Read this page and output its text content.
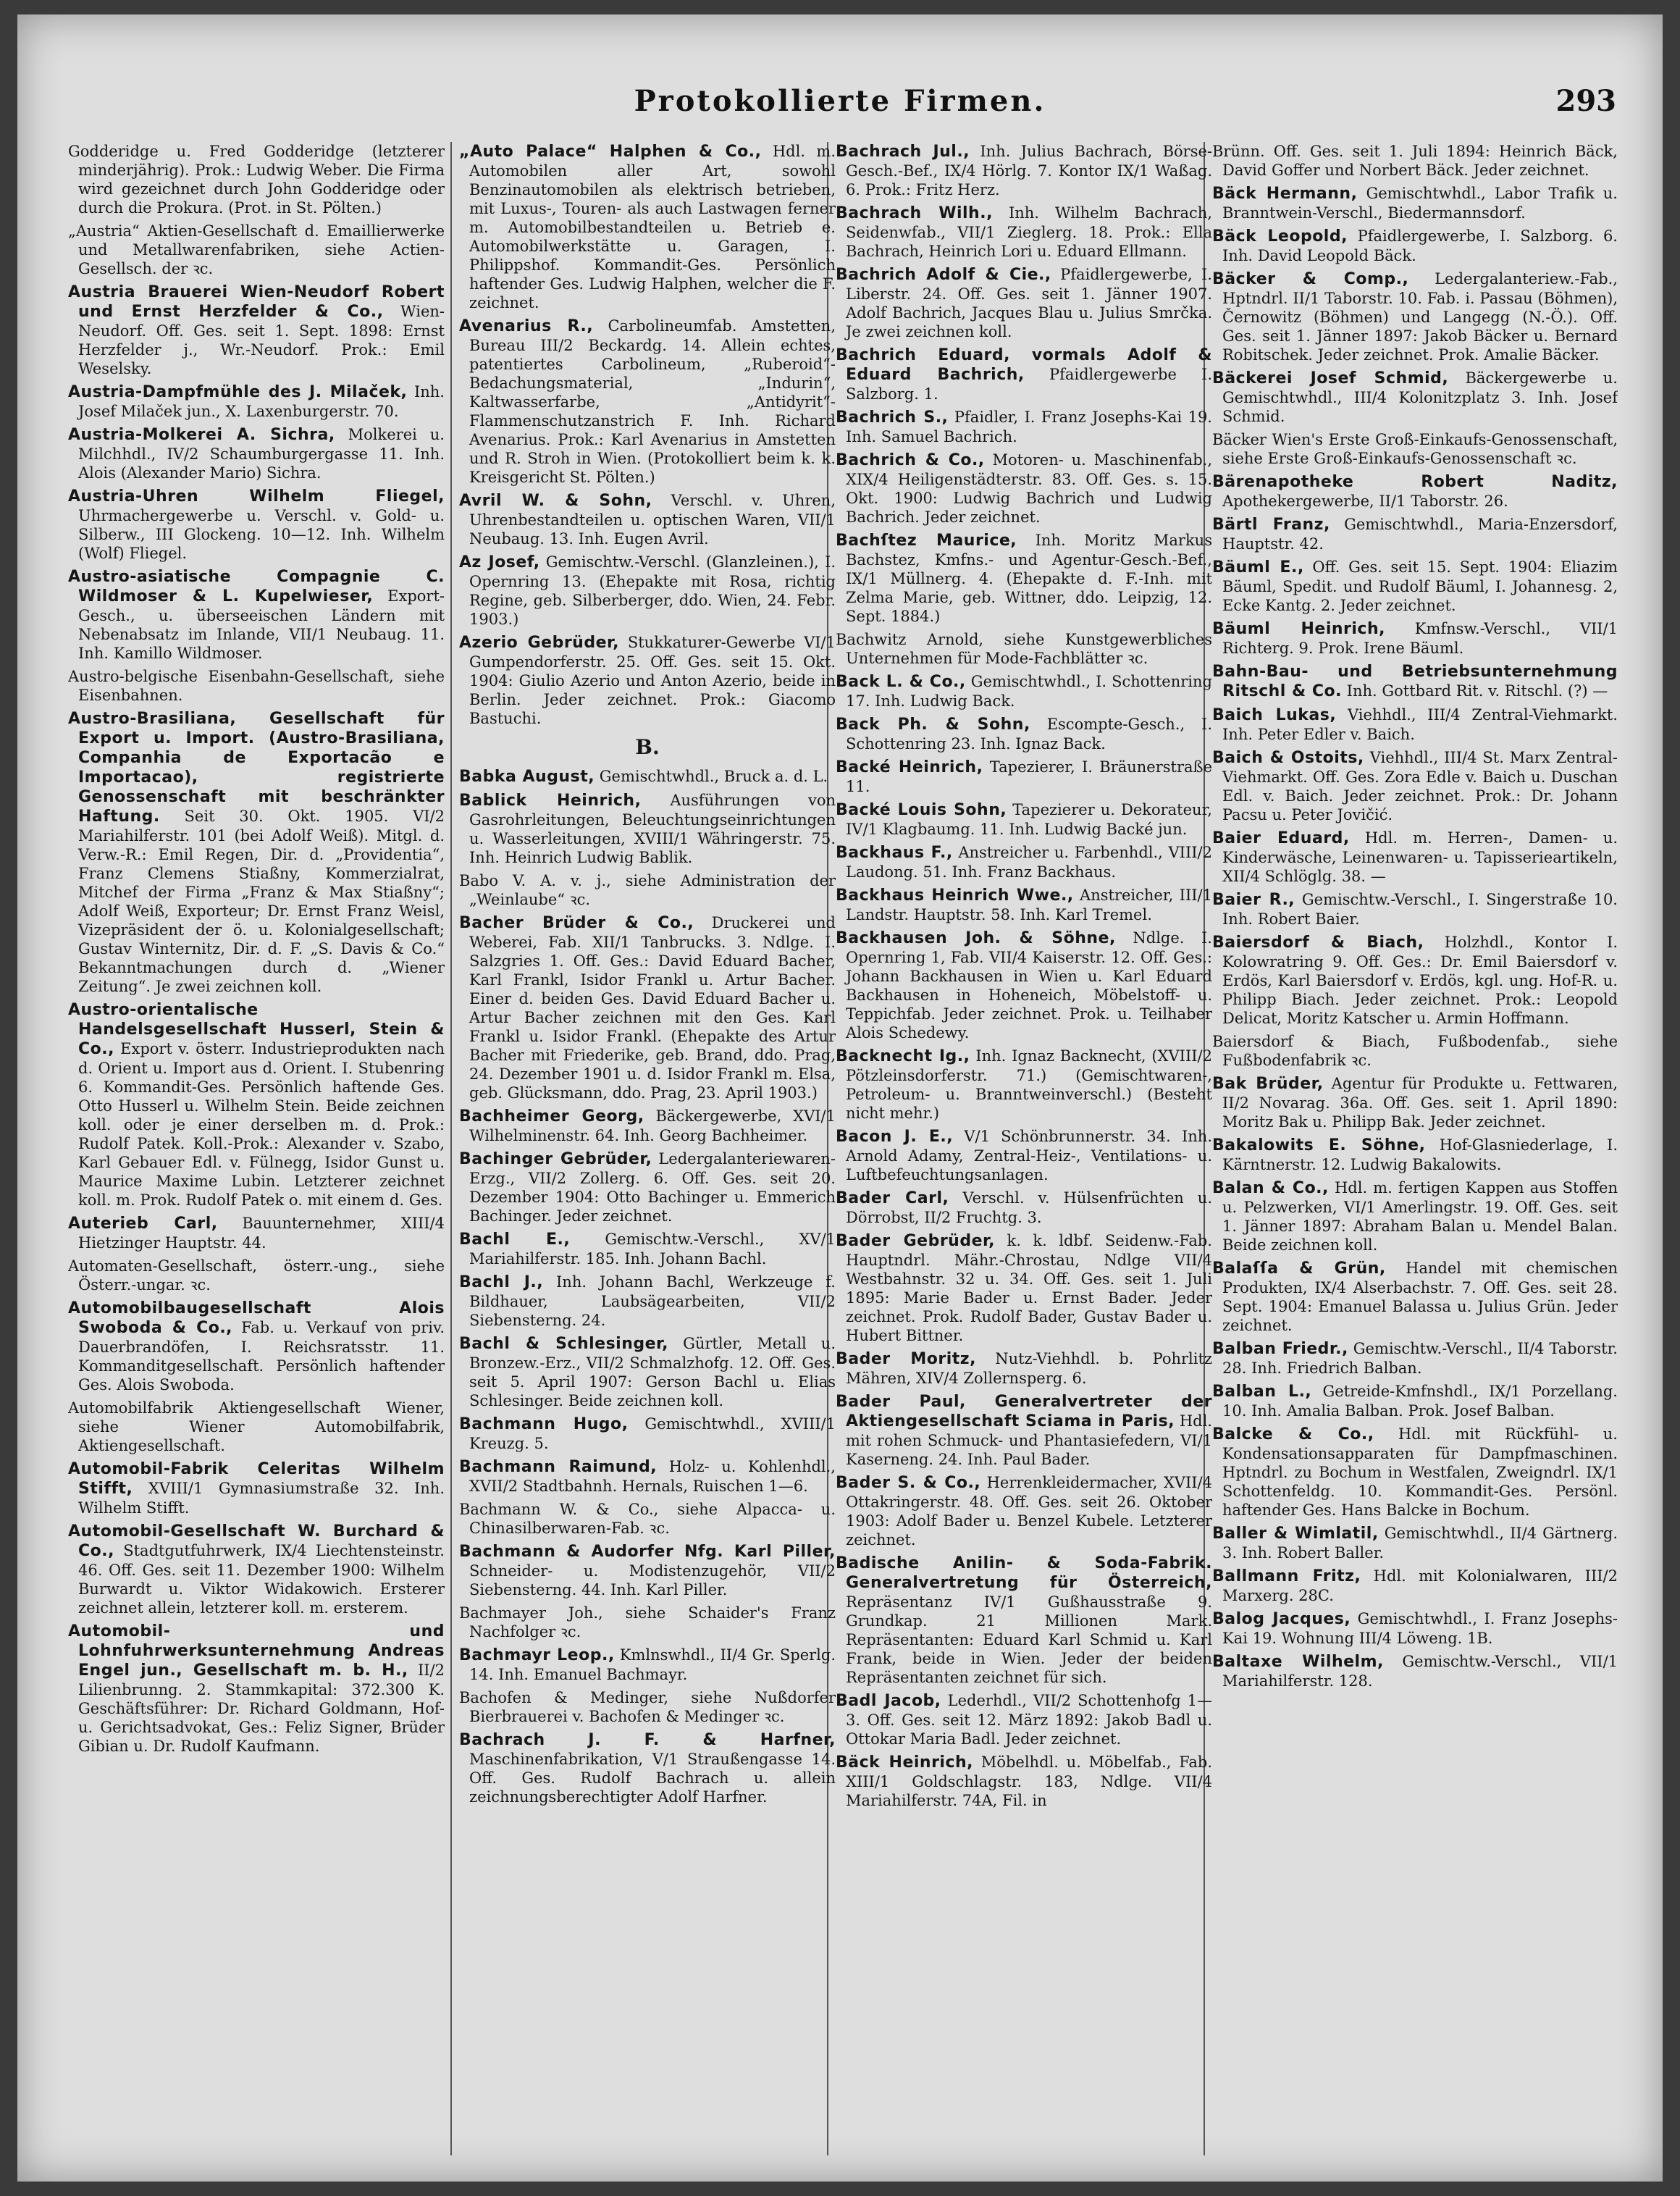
Protokollierte Firmen.	293
Godderidge u. Fred Godderidge (letzterer minderjährig). Prok.: Ludwig Weber. Die Firma wird gezeichnet durch John Godderidge oder durch die Prokura. (Prot. in St. Pölten.)
„Austria“ Aktien-Gesellschaft d. Emaillierwerke und Metallwarenfabriken, siehe Actien-Gesellsch. der ꝛc.
Austria Brauerei Wien-Neudorf Robert und Ernst Herzfelder & Co., Wien-Neudorf. Off. Ges. seit 1. Sept. 1898: Ernst Herzfelder j., Wr.-Neudorf. Prok.: Emil Weselsky.
Austria-Dampfmühle des J. Milaček, Inh. Josef Milaček jun., X. Laxenburgerstr. 70.
Austria-Molkerei A. Sichra, Molkerei u. Milchhdl., IV/2 Schaumburgergasse 11. Inh. Alois (Alexander Mario) Sichra.
Austria-Uhren Wilhelm Fliegel, Uhrmachergewerbe u. Verschl. v. Gold- u. Silberw., III Glockeng. 10—12. Inh. Wilhelm (Wolf) Fliegel.
Austro-asiatische Compagnie C. Wildmoser & L. Kupelwieser, Export-Gesch., u. überseeischen Ländern mit Nebenabsatz im Inlande, VII/1 Neubaug. 11. Inh. Kamillo Wildmoser.
Austro-belgische Eisenbahn-Gesellschaft, siehe Eisenbahnen.
Austro-Brasiliana, Gesellschaft für Export u. Import. (Austro-Brasiliana, Companhia de Exportacão e Importacao), registrierte Genossenschaft mit beschränkter Haftung. Seit 30. Okt. 1905. VI/2 Mariahilferstr. 101 (bei Adolf Weiß). Mitgl. d. Verw.-R.: Emil Regen, Dir. d. „Providentia“, Franz Clemens Stiaßny, Kommerzialrat, Mitchef der Firma „Franz & Max Stiaßny“; Adolf Weiß, Exporteur; Dr. Ernst Franz Weisl, Vizepräsident der ö. u. Kolonialgesellschaft; Gustav Winternitz, Dir. d. F. „S. Davis & Co.“ Bekanntmachungen durch d. „Wiener Zeitung“. Je zwei zeichnen koll.
Austro-orientalische Handelsgesellschaft Husserl, Stein & Co., Export v. österr. Industrieprodukten nach d. Orient u. Import aus d. Orient. I. Stubenring 6. Kommandit-Ges. Persönlich haftende Ges. Otto Husserl u. Wilhelm Stein. Beide zeichnen koll. oder je einer derselben m. d. Prok.: Rudolf Patek. Koll.-Prok.: Alexander v. Szabo, Karl Gebauer Edl. v. Fülnegg, Isidor Gunst u. Maurice Maxime Lubin. Letzterer zeichnet koll. m. Prok. Rudolf Patek o. mit einem d. Ges.
Auterieb Carl, Bauunternehmer, XIII/4 Hietzinger Hauptstr. 44.
Automaten-Gesellschaft, österr.-ung., siehe Österr.-ungar. ꝛc.
Automobilbaugesellschaft Alois Swoboda & Co., Fab. u. Verkauf von priv. Dauerbrandöfen, I. Reichsratsstr. 11. Kommanditgesellschaft. Persönlich haftender Ges. Alois Swoboda.
Automobilfabrik Aktiengesellschaft Wiener, siehe Wiener Automobilfabrik, Aktiengesellschaft.
Automobil-Fabrik Celeritas Wilhelm Stifft, XVIII/1 Gymnasiumstraße 32. Inh. Wilhelm Stifft.
Automobil-Gesellschaft W. Burchard & Co., Stadtgutfuhrwerk, IX/4 Liechtensteinstr. 46. Off. Ges. seit 11. Dezember 1900: Wilhelm Burwardt u. Viktor Widakowich. Ersterer zeichnet allein, letzterer koll. m. ersterem.
Automobil- und Lohnfuhrwerksunternehmung Andreas Engel jun., Gesellschaft m. b. H., II/2 Lilienbrunng. 2. Stammkapital: 372.300 K. Geschäftsführer: Dr. Richard Goldmann, Hof- u. Gerichtsadvokat, Ges.: Feliz Signer, Brüder Gibian u. Dr. Rudolf Kaufmann.
„Auto Palace“ Halphen & Co., Hdl. m. Automobilen aller Art, sowohl Benzinautomobilen als elektrisch betrieben, mit Luxus-, Touren- als auch Lastwagen ferner m. Automobilbestandteilen u. Betrieb e. Automobilwerkstätte u. Garagen, I. Philippshof. Kommandit-Ges. Persönlich haftender Ges. Ludwig Halphen, welcher die F. zeichnet.
Avenarius R., Carbolineumfab. Amstetten, Bureau III/2 Beckardg. 14. Allein echtes, patentiertes Carbolineum, „Ruberoid“-Bedachungsmaterial, „Indurin“, Kaltwasserfarbe, „Antidyrit“-Flammenschutzanstrich F. Inh. Richard Avenarius. Prok.: Karl Avenarius in Amstetten und R. Stroh in Wien. (Protokolliert beim k. k. Kreisgericht St. Pölten.)
Avril W. & Sohn, Verschl. v. Uhren, Uhrenbestandteilen u. optischen Waren, VII/1 Neubaug. 13. Inh. Eugen Avril.
Az Josef, Gemischtw.-Verschl. (Glanzleinen.), I. Opernring 13. (Ehepakte mit Rosa, richtig Regine, geb. Silberberger, ddo. Wien, 24. Febr. 1903.)
Azerio Gebrüder, Stukkaturer-Gewerbe VI/1 Gumpendorferstr. 25. Off. Ges. seit 15. Okt. 1904: Giulio Azerio und Anton Azerio, beide in Berlin. Jeder zeichnet. Prok.: Giacomo Bastuchi.
B.
Babka August, Gemischtwhdl., Bruck a. d. L.
Bablick Heinrich, Ausführungen von Gasrohrleitungen, Beleuchtungseinrichtungen u. Wasserleitungen, XVIII/1 Währingerstr. 75. Inh. Heinrich Ludwig Bablik.
Babo V. A. v. j., siehe Administration der „Weinlaube“ ꝛc.
Bacher Brüder & Co., Druckerei und Weberei, Fab. XII/1 Tanbrucks. 3. Ndlge. I. Salzgries 1. Off. Ges.: David Eduard Bacher, Karl Frankl, Isidor Frankl u. Artur Bacher. Einer d. beiden Ges. David Eduard Bacher u. Artur Bacher zeichnen mit den Ges. Karl Frankl u. Isidor Frankl. (Ehepakte des Artur Bacher mit Friederike, geb. Brand, ddo. Prag, 24. Dezember 1901 u. d. Isidor Frankl m. Elsa, geb. Glücksmann, ddo. Prag, 23. April 1903.)
Bachheimer Georg, Bäckergewerbe, XVI/1 Wilhelminenstr. 64. Inh. Georg Bachheimer.
Bachinger Gebrüder, Ledergalanteriewaren-Erzg., VII/2 Zollerg. 6. Off. Ges. seit 20. Dezember 1904: Otto Bachinger u. Emmerich Bachinger. Jeder zeichnet.
Bachl E., Gemischtw.-Verschl., XV/1 Mariahilferstr. 185. Inh. Johann Bachl.
Bachl J., Inh. Johann Bachl, Werkzeuge f. Bildhauer, Laubsägearbeiten, VII/2 Siebensterng. 24.
Bachl & Schlesinger, Gürtler, Metall u. Bronzew.-Erz., VII/2 Schmalzhofg. 12. Off. Ges. seit 5. April 1907: Gerson Bachl u. Elias Schlesinger. Beide zeichnen koll.
Bachmann Hugo, Gemischtwhdl., XVIII/1 Kreuzg. 5.
Bachmann Raimund, Holz- u. Kohlenhdl., XVII/2 Stadtbahnh. Hernals, Ruischen 1—6.
Bachmann W. & Co., siehe Alpacca- u. Chinasilberwaren-Fab. ꝛc.
Bachmann & Audorfer Nfg. Karl Piller, Schneider- u. Modistenzugehör, VII/2 Siebensterng. 44. Inh. Karl Piller.
Bachmayer Joh., siehe Schaider's Franz Nachfolger ꝛc.
Bachmayr Leop., Kmlnswhdl., II/4 Gr. Sperlg. 14. Inh. Emanuel Bachmayr.
Bachofen & Medinger, siehe Nußdorfer Bierbrauerei v. Bachofen & Medinger ꝛc.
Bachrach J. F. & Harfner, Maschinenfabrikation, V/1 Straußengasse 14. Off. Ges. Rudolf Bachrach u. allein zeichnungsberechtigter Adolf Harfner.
Bachrach Jul., Inh. Julius Bachrach, Börse-Gesch.-Bef., IX/4 Hörlg. 7. Kontor IX/1 Waßag. 6. Prok.: Fritz Herz.
Bachrach Wilh., Inh. Wilhelm Bachrach, Seidenwfab., VII/1 Zieglerg. 18. Prok.: Ella Bachrach, Heinrich Lori u. Eduard Ellmann.
Bachrich Adolf & Cie., Pfaidlergewerbe, I. Liberstr. 24. Off. Ges. seit 1. Jänner 1907. Adolf Bachrich, Jacques Blau u. Julius Smrčka. Je zwei zeichnen koll.
Bachrich Eduard, vormals Adolf & Eduard Bachrich, Pfaidlergewerbe I. Salzborg. 1.
Bachrich S., Pfaidler, I. Franz Josephs-Kai 19. Inh. Samuel Bachrich.
Bachrich & Co., Motoren- u. Maschinenfab., XIX/4 Heiligenstädterstr. 83. Off. Ges. s. 15. Okt. 1900: Ludwig Bachrich und Ludwig Bachrich. Jeder zeichnet.
Bachſtez Maurice, Inh. Moritz Markus Bachstez, Kmfns.- und Agentur-Gesch.-Bef., IX/1 Müllnerg. 4. (Ehepakte d. F.-Inh. mit Zelma Marie, geb. Wittner, ddo. Leipzig, 12. Sept. 1884.)
Bachwitz Arnold, siehe Kunstgewerbliches Unternehmen für Mode-Fachblätter ꝛc.
Back L. & Co., Gemischtwhdl., I. Schottenring 17. Inh. Ludwig Back.
Back Ph. & Sohn, Escompte-Gesch., I. Schottenring 23. Inh. Ignaz Back.
Backé Heinrich, Tapezierer, I. Bräunerstraße 11.
Backé Louis Sohn, Tapezierer u. Dekorateur, IV/1 Klagbaumg. 11. Inh. Ludwig Backé jun.
Backhaus F., Anstreicher u. Farbenhdl., VIII/2 Laudong. 51. Inh. Franz Backhaus.
Backhaus Heinrich Wwe., Anstreicher, III/1 Landstr. Hauptstr. 58. Inh. Karl Tremel.
Backhausen Joh. & Söhne, Ndlge. I. Opernring 1, Fab. VII/4 Kaiserstr. 12. Off. Ges.: Johann Backhausen in Wien u. Karl Eduard Backhausen in Hoheneich, Möbelstoff- u. Teppichfab. Jeder zeichnet. Prok. u. Teilhaber Alois Schedewy.
Backnecht Ig., Inh. Ignaz Backnecht, (XVIII/2 Pötzleinsdorferstr. 71.) (Gemischtwaren-, Petroleum- u. Branntweinverschl.) (Besteht nicht mehr.)
Bacon J. E., V/1 Schönbrunnerstr. 34. Inh. Arnold Adamy, Zentral-Heiz-, Ventilations- u. Luftbefeuchtungsanlagen.
Bader Carl, Verschl. v. Hülsenfrüchten u. Dörrobst, II/2 Fruchtg. 3.
Bader Gebrüder, k. k. ldbf. Seidenw.-Fab. Hauptndrl. Mähr.-Chrostau, Ndlge VII/4 Westbahnstr. 32 u. 34. Off. Ges. seit 1. Juli 1895: Marie Bader u. Ernst Bader. Jeder zeichnet. Prok. Rudolf Bader, Gustav Bader u. Hubert Bittner.
Bader Moritz, Nutz-Viehhdl. b. Pohrlitz Mähren, XIV/4 Zollernsperg. 6.
Bader Paul, Generalvertreter der Aktiengesellschaft Sciama in Paris, Hdl. mit rohen Schmuck- und Phantasiefedern, VI/1 Kaserneng. 24. Inh. Paul Bader.
Bader S. & Co., Herrenkleidermacher, XVII/4 Ottakringerstr. 48. Off. Ges. seit 26. Oktober 1903: Adolf Bader u. Benzel Kubele. Letzterer zeichnet.
Badische Anilin- & Soda-Fabrik. Generalvertretung für Österreich, Repräsentanz IV/1 Gußhausstraße 9. Grundkap. 21 Millionen Mark. Repräsentanten: Eduard Karl Schmid u. Karl Frank, beide in Wien. Jeder der beiden Repräsentanten zeichnet für sich.
Badl Jacob, Lederhdl., VII/2 Schottenhofg 1—3. Off. Ges. seit 12. März 1892: Jakob Badl u. Ottokar Maria Badl. Jeder zeichnet.
Bäck Heinrich, Möbelhdl. u. Möbelfab., Fab. XIII/1 Goldschlagstr. 183, Ndlge. VII/4 Mariahilferstr. 74A, Fil. in
Brünn. Off. Ges. seit 1. Juli 1894: Heinrich Bäck, David Goffer und Norbert Bäck. Jeder zeichnet.
Bäck Hermann, Gemischtwhdl., Labor Trafik u. Branntwein-Verschl., Biedermannsdorf.
Bäck Leopold, Pfaidlergewerbe, I. Salzborg. 6. Inh. David Leopold Bäck.
Bäcker & Comp., Ledergalanteriew.-Fab., Hptndrl. II/1 Taborstr. 10. Fab. i. Passau (Böhmen), Černowitz (Böhmen) und Langegg (N.-Ö.). Off. Ges. seit 1. Jänner 1897: Jakob Bäcker u. Bernard Robitschek. Jeder zeichnet. Prok. Amalie Bäcker.
Bäckerei Josef Schmid, Bäckergewerbe u. Gemischtwhdl., III/4 Kolonitzplatz 3. Inh. Josef Schmid.
Bäcker Wien's Erste Groß-Einkaufs-Genossenschaft, siehe Erste Groß-Einkaufs-Genossenschaft ꝛc.
Bärenapotheke Robert Naditz, Apothekergewerbe, II/1 Taborstr. 26.
Bärtl Franz, Gemischtwhdl., Maria-Enzersdorf, Hauptstr. 42.
Bäuml E., Off. Ges. seit 15. Sept. 1904: Eliazim Bäuml, Spedit. und Rudolf Bäuml, I. Johannesg. 2, Ecke Kantg. 2. Jeder zeichnet.
Bäuml Heinrich, Kmfnsw.-Verschl., VII/1 Richterg. 9. Prok. Irene Bäuml.
Bahn-Bau- und Betriebsunternehmung Ritschl & Co. Inh. Gottbard Rit. v. Ritschl. (?) —
Baich Lukas, Viehhdl., III/4 Zentral-Viehmarkt. Inh. Peter Edler v. Baich.
Baich & Ostoits, Viehhdl., III/4 St. Marx Zentral-Viehmarkt. Off. Ges. Zora Edle v. Baich u. Duschan Edl. v. Baich. Jeder zeichnet. Prok.: Dr. Johann Pacsu u. Peter Jovičić.
Baier Eduard, Hdl. m. Herren-, Damen- u. Kinderwäsche, Leinenwaren- u. Tapisserieartikeln, XII/4 Schlöglg. 38. —
Baier R., Gemischtw.-Verschl., I. Singerstraße 10. Inh. Robert Baier.
Baiersdorf & Biach, Holzhdl., Kontor I. Kolowratring 9. Off. Ges.: Dr. Emil Baiersdorf v. Erdös, Karl Baiersdorf v. Erdös, kgl. ung. Hof-R. u. Philipp Biach. Jeder zeichnet. Prok.: Leopold Delicat, Moritz Katscher u. Armin Hoffmann.
Baiersdorf & Biach, Fußbodenfab., siehe Fußbodenfabrik ꝛc.
Bak Brüder, Agentur für Produkte u. Fettwaren, II/2 Novarag. 36a. Off. Ges. seit 1. April 1890: Moritz Bak u. Philipp Bak. Jeder zeichnet.
Bakalowits E. Söhne, Hof-Glasniederlage, I. Kärntnerstr. 12. Ludwig Bakalowits.
Balan & Co., Hdl. m. fertigen Kappen aus Stoffen u. Pelzwerken, VI/1 Amerlingstr. 19. Off. Ges. seit 1. Jänner 1897: Abraham Balan u. Mendel Balan. Beide zeichnen koll.
Balaſſa & Grün, Handel mit chemischen Produkten, IX/4 Alserbachstr. 7. Off. Ges. seit 28. Sept. 1904: Emanuel Balassa u. Julius Grün. Jeder zeichnet.
Balban Friedr., Gemischtw.-Verschl., II/4 Taborstr. 28. Inh. Friedrich Balban.
Balban L., Getreide-Kmfnshdl., IX/1 Porzellang. 10. Inh. Amalia Balban. Prok. Josef Balban.
Balcke & Co., Hdl. mit Rückfühl- u. Kondensationsapparaten für Dampfmaschinen. Hptndrl. zu Bochum in Westfalen, Zweigndrl. IX/1 Schottenfeldg. 10. Kommandit-Ges. Persönl. haftender Ges. Hans Balcke in Bochum.
Baller & Wimlatil, Gemischtwhdl., II/4 Gärtnerg. 3. Inh. Robert Baller.
Ballmann Fritz, Hdl. mit Kolonialwaren, III/2 Marxerg. 28C.
Balog Jacques, Gemischtwhdl., I. Franz Josephs-Kai 19. Wohnung III/4 Löweng. 1B.
Baltaxe Wilhelm, Gemischtw.-Verschl., VII/1 Mariahilferstr. 128.
